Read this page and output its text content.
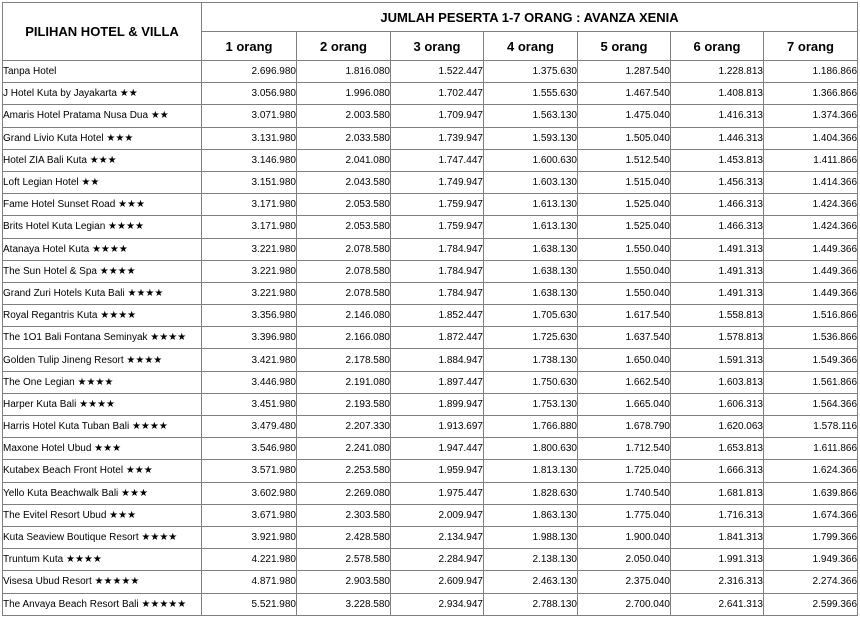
PILIHAN HOTEL & VILLA	JUMLAH PESERTA 1-7 ORANG : AVANZA XENIA						
	1 orang	2 orang	3 orang	4 orang	5 orang	6 orang	7 orang
Tanpa Hotel	2.696.980	1.816.080	1.522.447	1.375.630	1.287.540	1.228.813	1.186.866
J Hotel Kuta by Jayakarta ★★	3.056.980	1.996.080	1.702.447	1.555.630	1.467.540	1.408.813	1.366.866
Amaris Hotel Pratama Nusa Dua ★★	3.071.980	2.003.580	1.709.947	1.563.130	1.475.040	1.416.313	1.374.366
Grand Livio Kuta Hotel ★★★	3.131.980	2.033.580	1.739.947	1.593.130	1.505.040	1.446.313	1.404.366
Hotel ZIA Bali Kuta ★★★	3.146.980	2.041.080	1.747.447	1.600.630	1.512.540	1.453.813	1.411.866
Loft Legian Hotel ★★	3.151.980	2.043.580	1.749.947	1.603.130	1.515.040	1.456.313	1.414.366
Fame Hotel Sunset Road ★★★	3.171.980	2.053.580	1.759.947	1.613.130	1.525.040	1.466.313	1.424.366
Brits Hotel Kuta Legian ★★★★	3.171.980	2.053.580	1.759.947	1.613.130	1.525.040	1.466.313	1.424.366
Atanaya Hotel Kuta ★★★★	3.221.980	2.078.580	1.784.947	1.638.130	1.550.040	1.491.313	1.449.366
The Sun Hotel & Spa ★★★★	3.221.980	2.078.580	1.784.947	1.638.130	1.550.040	1.491.313	1.449.366
Grand Zuri Hotels Kuta Bali ★★★★	3.221.980	2.078.580	1.784.947	1.638.130	1.550.040	1.491.313	1.449.366
Royal Regantris Kuta ★★★★	3.356.980	2.146.080	1.852.447	1.705.630	1.617.540	1.558.813	1.516.866
The 1O1 Bali Fontana Seminyak ★★★★	3.396.980	2.166.080	1.872.447	1.725.630	1.637.540	1.578.813	1.536.866
Golden Tulip Jineng Resort ★★★★	3.421.980	2.178.580	1.884.947	1.738.130	1.650.040	1.591.313	1.549.366
The One Legian ★★★★	3.446.980	2.191.080	1.897.447	1.750.630	1.662.540	1.603.813	1.561.866
Harper Kuta Bali ★★★★	3.451.980	2.193.580	1.899.947	1.753.130	1.665.040	1.606.313	1.564.366
Harris Hotel Kuta Tuban Bali ★★★★	3.479.480	2.207.330	1.913.697	1.766.880	1.678.790	1.620.063	1.578.116
Maxone Hotel Ubud ★★★	3.546.980	2.241.080	1.947.447	1.800.630	1.712.540	1.653.813	1.611.866
Kutabex Beach Front Hotel ★★★	3.571.980	2.253.580	1.959.947	1.813.130	1.725.040	1.666.313	1.624.366
Yello Kuta Beachwalk Bali ★★★	3.602.980	2.269.080	1.975.447	1.828.630	1.740.540	1.681.813	1.639.866
The Evitel Resort Ubud ★★★	3.671.980	2.303.580	2.009.947	1.863.130	1.775.040	1.716.313	1.674.366
Kuta Seaview Boutique Resort ★★★★	3.921.980	2.428.580	2.134.947	1.988.130	1.900.040	1.841.313	1.799.366
Truntum Kuta ★★★★	4.221.980	2.578.580	2.284.947	2.138.130	2.050.040	1.991.313	1.949.366
Visesa Ubud Resort ★★★★★	4.871.980	2.903.580	2.609.947	2.463.130	2.375.040	2.316.313	2.274.366
The Anvaya Beach Resort Bali ★★★★★	5.521.980	3.228.580	2.934.947	2.788.130	2.700.040	2.641.313	2.599.366
